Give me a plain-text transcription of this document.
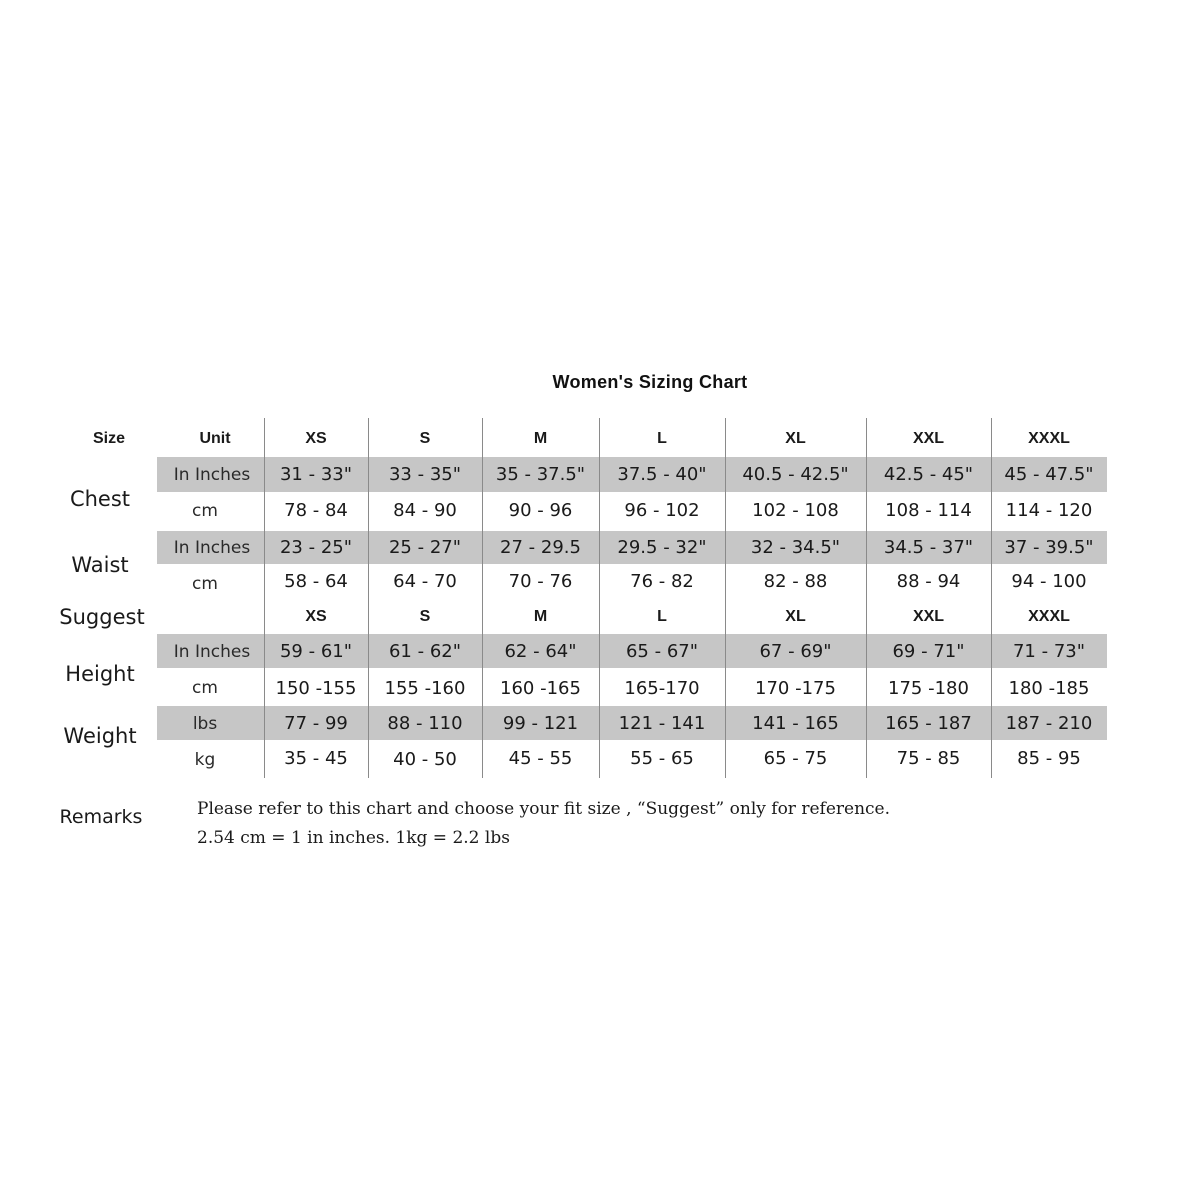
Women's Sizing Chart
Size	Unit	XS	S	M	L	XL	XXL	XXXL
Chest
In Inches	31 - 33"	33 - 35"	35 - 37.5"	37.5 - 40"	40.5 - 42.5"	42.5 - 45"	45 - 47.5"
cm	78 - 84	84 - 90	90 - 96	96 - 102	102 - 108	108 - 114	114 - 120
Waist
In Inches	23 - 25"	25 - 27"	27 - 29.5	29.5 - 32"	32 - 34.5"	34.5 - 37"	37 - 39.5"
cm	58 - 64	64 - 70	70 - 76	76 - 82	82 - 88	88 - 94	94 - 100
Suggest	XS	S	M	L	XL	XXL	XXXL
Height
In Inches	59 - 61"	61 - 62"	62 - 64"	65 - 67"	67 - 69"	69 - 71"	71 - 73"
cm	150 -155	155 -160	160 -165	165-170	170 -175	175 -180	180 -185
Weight	lbs	77 - 99	88 - 110	99 - 121	121 - 141	141 - 165	165 - 187	187 - 210
kg	35 - 45	40 - 50	45 - 55	55 - 65	65 - 75	75 - 85	85 - 95
Remarks	Please refer to this chart and choose your fit size , “Suggest” only for reference.
2.54 cm = 1 in inches. 1kg = 2.2 lbs
